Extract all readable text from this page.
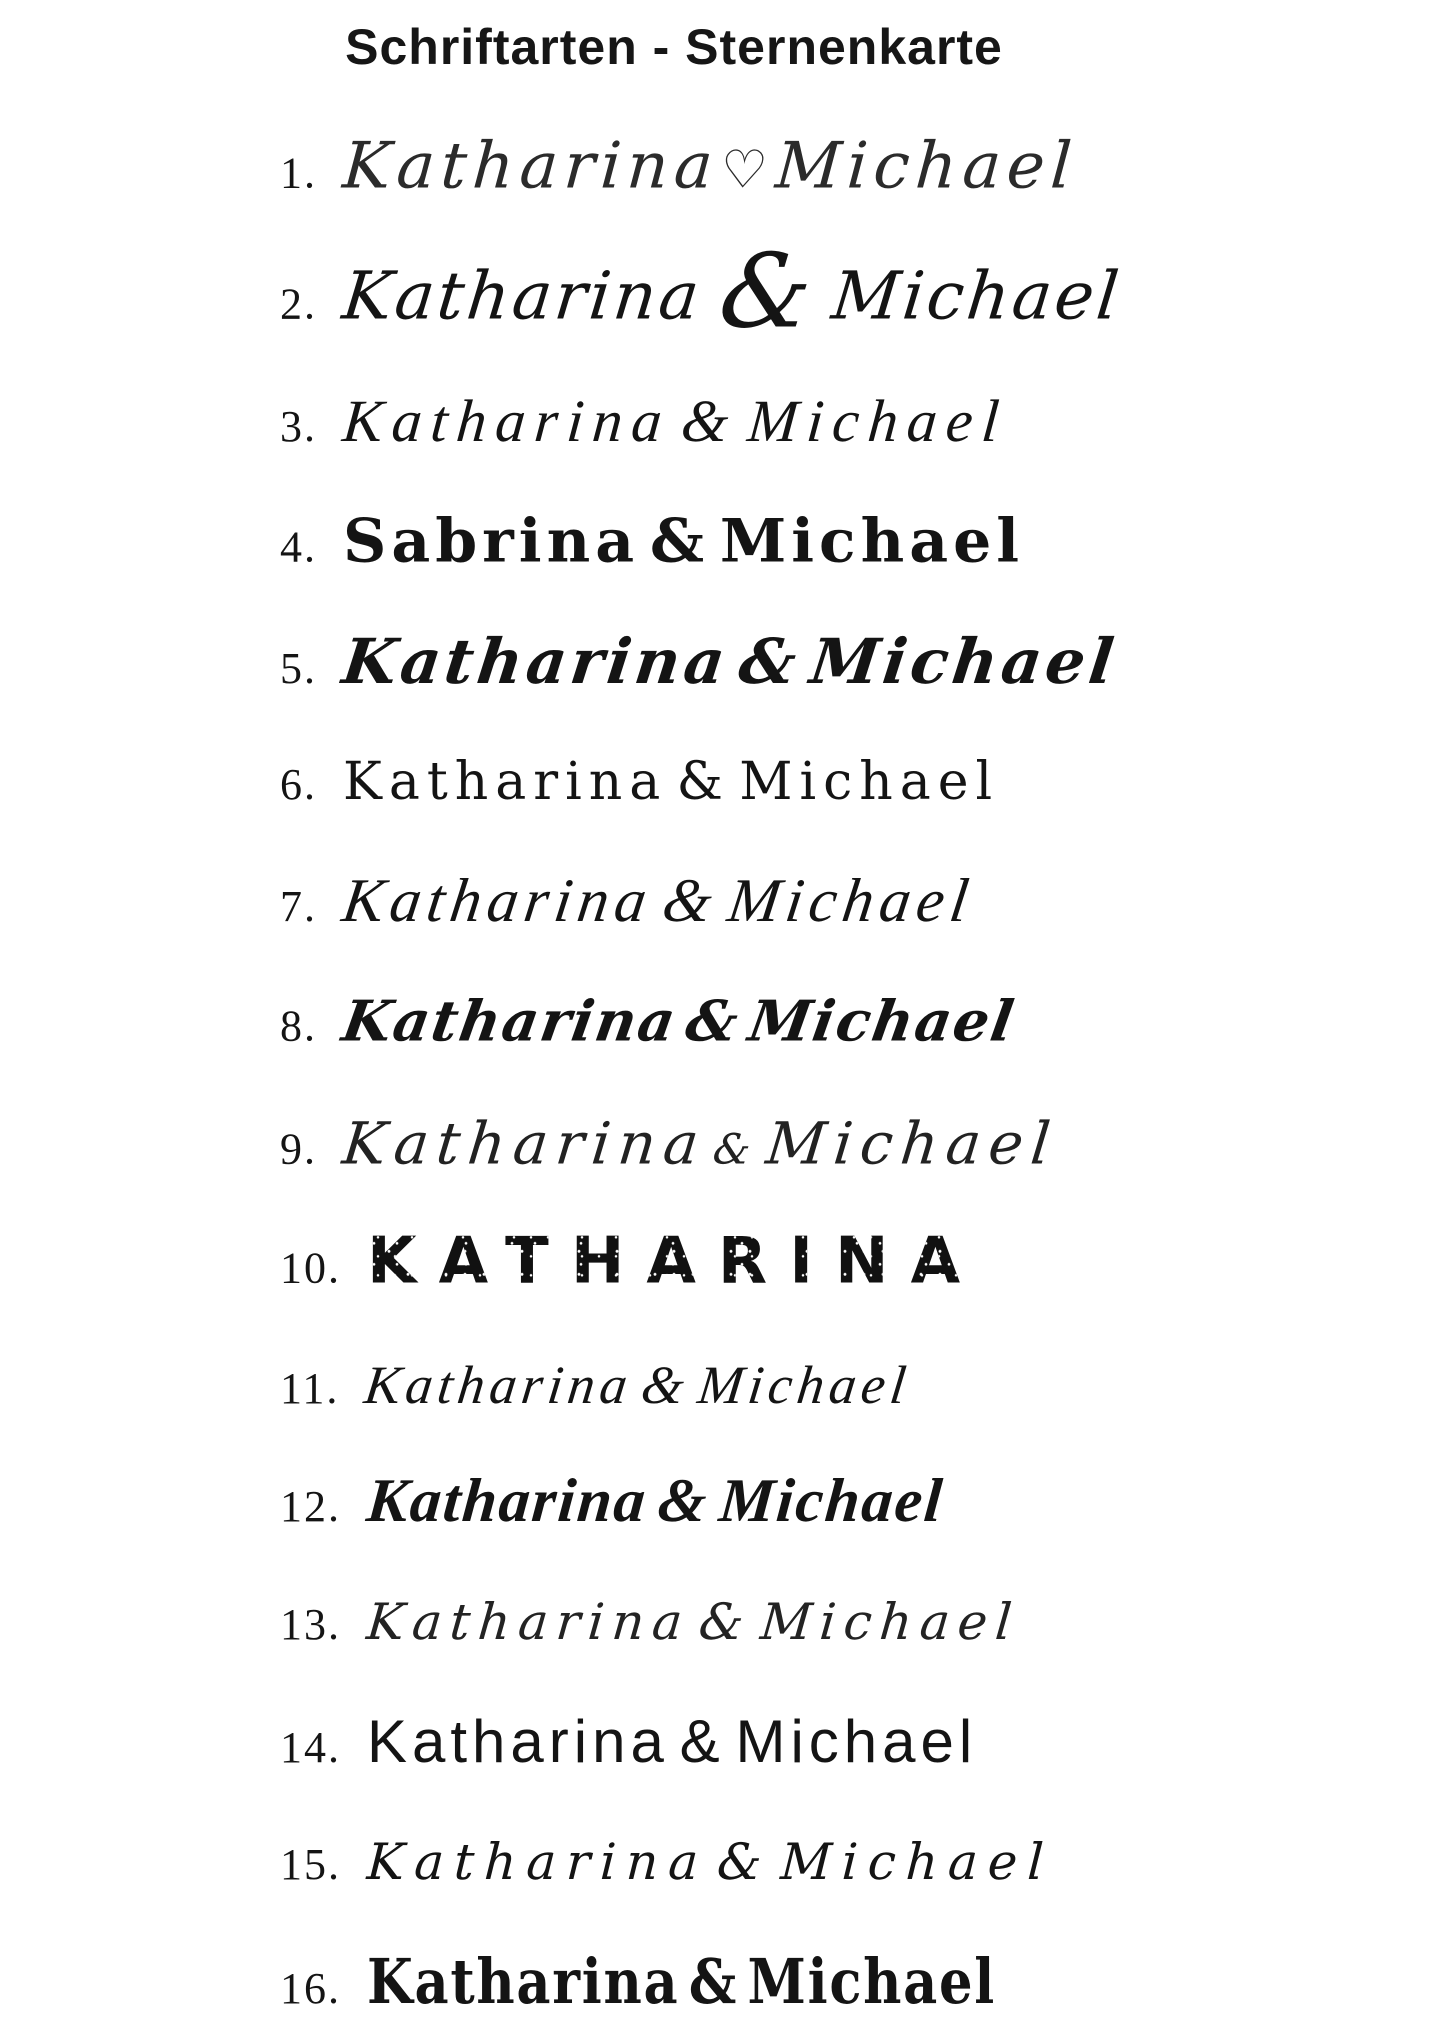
Schriftarten - Sternenkarte
1. Katharina♡Michael
2. Katharina& Michael
3. Katharina&Michael
4. Sabrina & Michael
5. Katharina&Michael
6. Katharina & Michael
7. Katharina&Michael
8. Katharina&Michael
9. Katharina&Michael
10. KATHARINA
11. Katharina&Michael
12. Katharina&Michael
13. Katharina&Michael
14. Katharina & Michael
15. Katharina & Michael
16. Katharina & Michael
